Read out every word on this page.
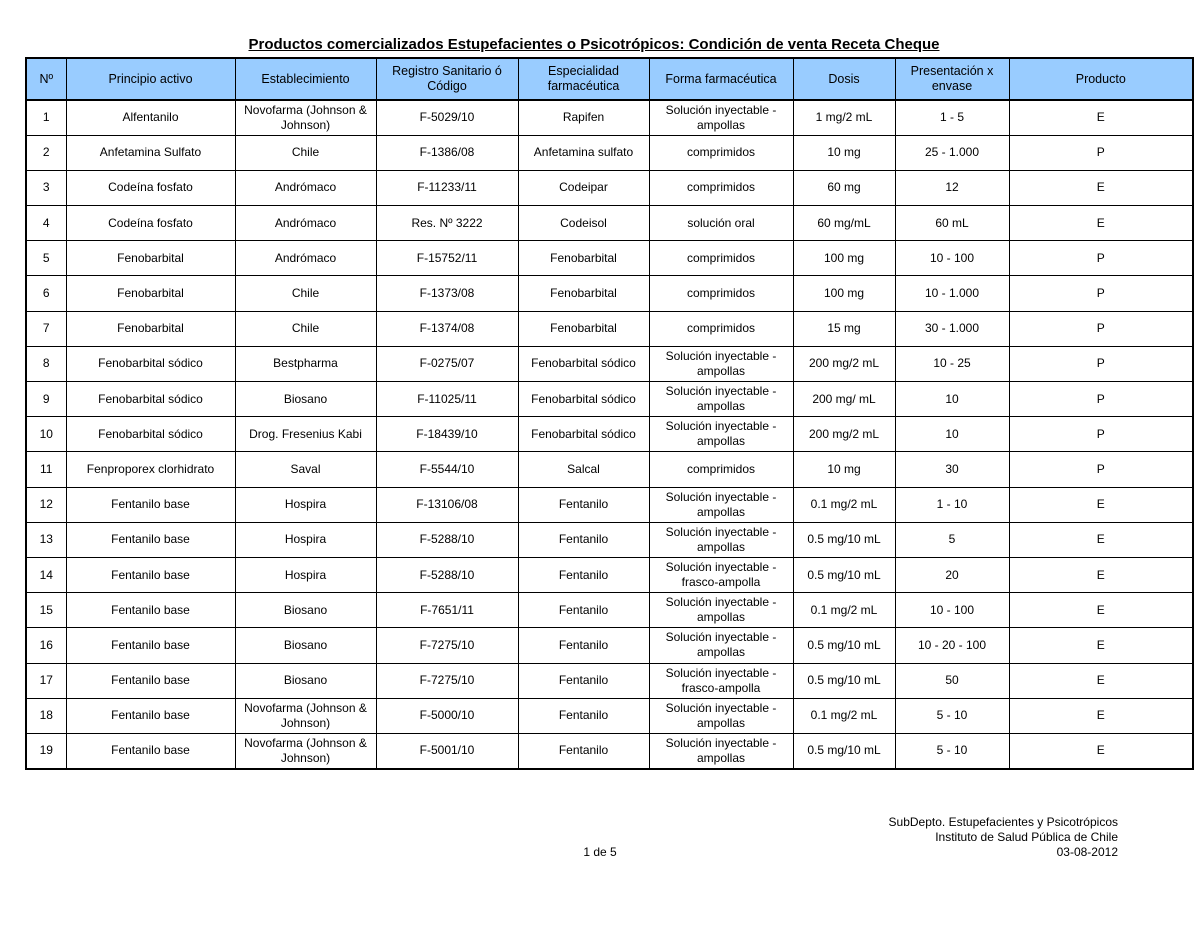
Productos comercializados Estupefacientes o Psicotrópicos: Condición de venta Receta Cheque
Nº	Principio activo	Establecimiento	Registro Sanitario ó Código	Especialidad farmacéutica	Forma farmacéutica	Dosis	Presentación x envase	Producto
1	Alfentanilo	Novofarma (Johnson & Johnson)	F-5029/10	Rapifen	Solución inyectable - ampollas	1 mg/2 mL	1 - 5	E
2	Anfetamina Sulfato	Chile	F-1386/08	Anfetamina sulfato	comprimidos	10 mg	25 - 1.000	P
3	Codeína fosfato	Andrómaco	F-11233/11	Codeipar	comprimidos	60 mg	12	E
4	Codeína fosfato	Andrómaco	Res. Nº 3222	Codeisol	solución oral	60 mg/mL	60 mL	E
5	Fenobarbital	Andrómaco	F-15752/11	Fenobarbital	comprimidos	100 mg	10 - 100	P
6	Fenobarbital	Chile	F-1373/08	Fenobarbital	comprimidos	100 mg	10 - 1.000	P
7	Fenobarbital	Chile	F-1374/08	Fenobarbital	comprimidos	15 mg	30 - 1.000	P
8	Fenobarbital sódico	Bestpharma	F-0275/07	Fenobarbital sódico	Solución inyectable - ampollas	200 mg/2 mL	10 - 25	P
9	Fenobarbital sódico	Biosano	F-11025/11	Fenobarbital sódico	Solución inyectable - ampollas	200 mg/ mL	10	P
10	Fenobarbital sódico	Drog. Fresenius Kabi	F-18439/10	Fenobarbital sódico	Solución inyectable - ampollas	200 mg/2 mL	10	P
11	Fenproporex clorhidrato	Saval	F-5544/10	Salcal	comprimidos	10 mg	30	P
12	Fentanilo base	Hospira	F-13106/08	Fentanilo	Solución inyectable - ampollas	0.1 mg/2 mL	1 - 10	E
13	Fentanilo base	Hospira	F-5288/10	Fentanilo	Solución inyectable - ampollas	0.5 mg/10 mL	5	E
14	Fentanilo base	Hospira	F-5288/10	Fentanilo	Solución inyectable - frasco-ampolla	0.5 mg/10 mL	20	E
15	Fentanilo base	Biosano	F-7651/11	Fentanilo	Solución inyectable - ampollas	0.1 mg/2 mL	10 - 100	E
16	Fentanilo base	Biosano	F-7275/10	Fentanilo	Solución inyectable - ampollas	0.5 mg/10 mL	10 - 20 - 100	E
17	Fentanilo base	Biosano	F-7275/10	Fentanilo	Solución inyectable - frasco-ampolla	0.5 mg/10 mL	50	E
18	Fentanilo base	Novofarma (Johnson & Johnson)	F-5000/10	Fentanilo	Solución inyectable - ampollas	0.1 mg/2 mL	5 - 10	E
19	Fentanilo base	Novofarma (Johnson & Johnson)	F-5001/10	Fentanilo	Solución inyectable - ampollas	0.5 mg/10 mL	5 - 10	E
SubDepto. Estupefacientes y Psicotrópicos
Instituto de Salud Pública de Chile
03-08-2012
1 de 5
